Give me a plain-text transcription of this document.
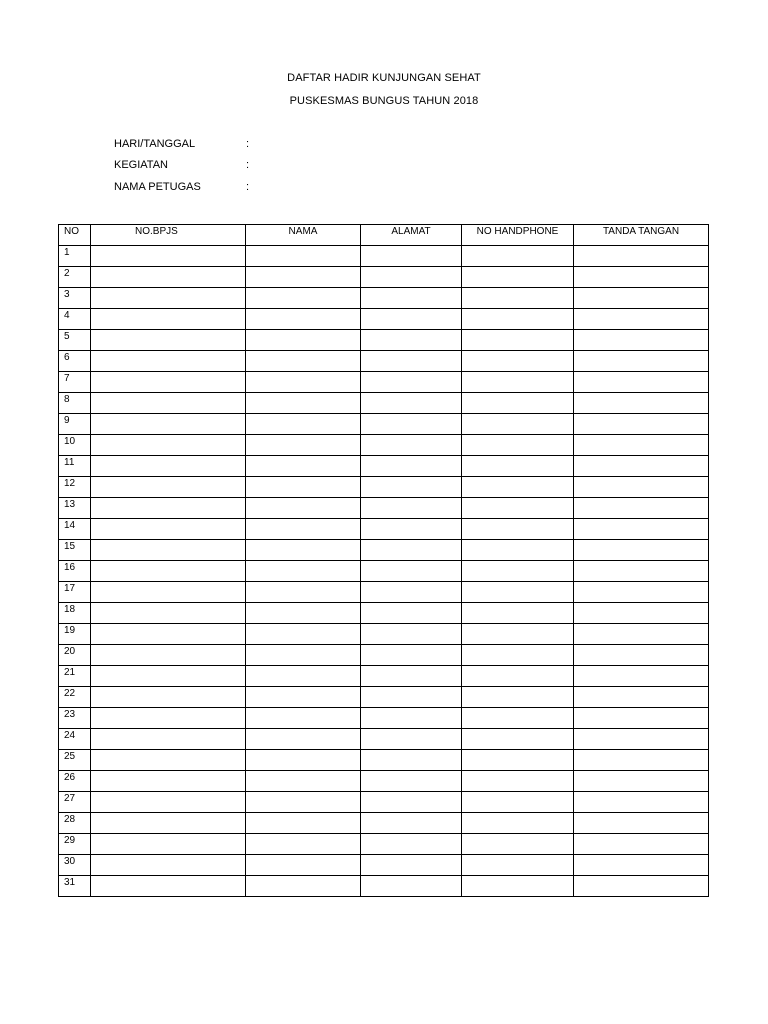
DAFTAR HADIR KUNJUNGAN SEHAT
PUSKESMAS BUNGUS TAHUN 2018
HARI/TANGGAL	:
KEGIATAN	:
NAMA PETUGAS	:
NO	NO.BPJS	NAMA	ALAMAT	NO HANDPHONE	TANDA TANGAN
1					
2					
3					
4					
5					
6					
7					
8					
9					
10					
11					
12					
13					
14					
15					
16					
17					
18					
19					
20					
21					
22					
23					
24					
25					
26					
27					
28					
29					
30					
31					
